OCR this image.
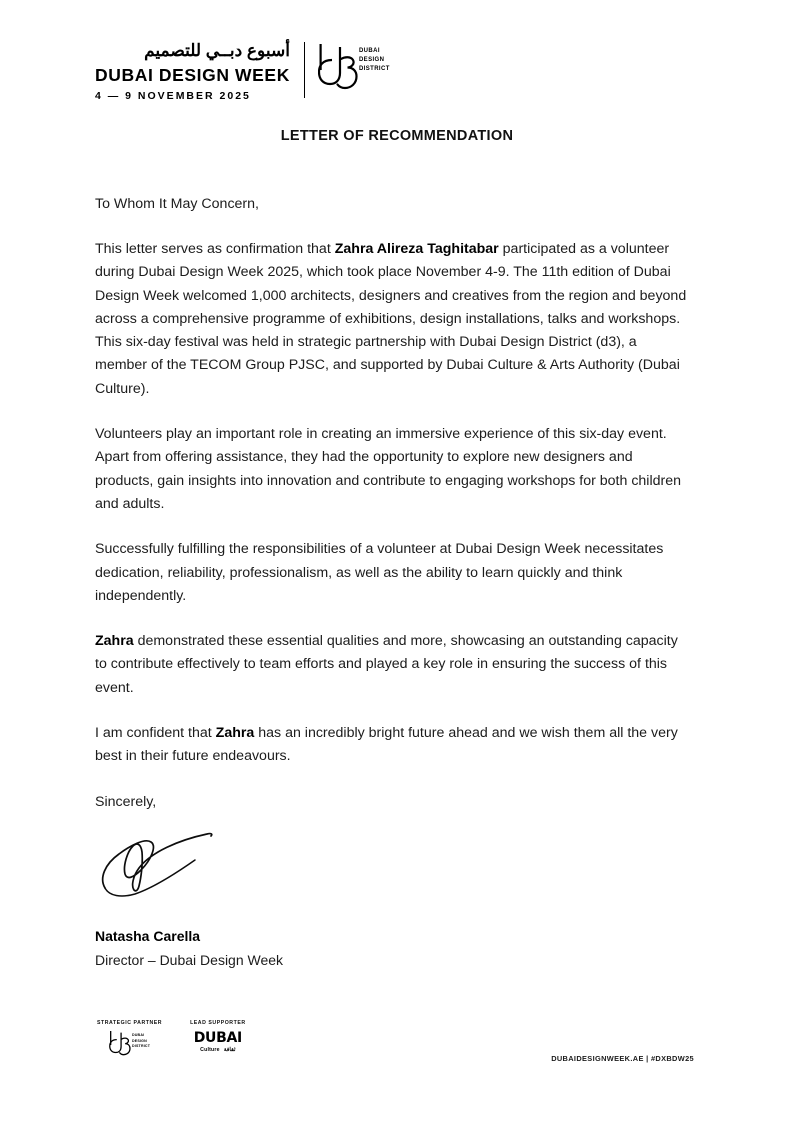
أسبوع دبــي للتصميم
DUBAI DESIGN WEEK
4 — 9 NOVEMBER 2025
DUBAI
DESIGN
DISTRICT
LETTER OF RECOMMENDATION

To Whom It May Concern,

This letter serves as confirmation that Zahra Alireza Taghitabar participated as a volunteer during Dubai Design Week 2025, which took place November 4-9. The 11th edition of Dubai Design Week welcomed 1,000 architects, designers and creatives from the region and beyond across a comprehensive programme of exhibitions, design installations, talks and workshops. This six-day festival was held in strategic partnership with Dubai Design District (d3), a member of the TECOM Group PJSC, and supported by Dubai Culture & Arts Authority (Dubai Culture).

Volunteers play an important role in creating an immersive experience of this six-day event. Apart from offering assistance, they had the opportunity to explore new designers and products, gain insights into innovation and contribute to engaging workshops for both children and adults.

Successfully fulfilling the responsibilities of a volunteer at Dubai Design Week necessitates dedication, reliability, professionalism, as well as the ability to learn quickly and think independently.

Zahra demonstrated these essential qualities and more, showcasing an outstanding capacity to contribute effectively to team efforts and played a key role in ensuring the success of this event.

I am confident that Zahra has an incredibly bright future ahead and we wish them all the very best in their future endeavours.

Sincerely,

Natasha Carella
Director – Dubai Design Week
STRATEGIC PARTNER
DUBAI
DESIGN
DISTRICT
LEAD SUPPORTER
DUBAI
Culture ثقافة
DUBAIDESIGNWEEK.AE | #DXBDW25
